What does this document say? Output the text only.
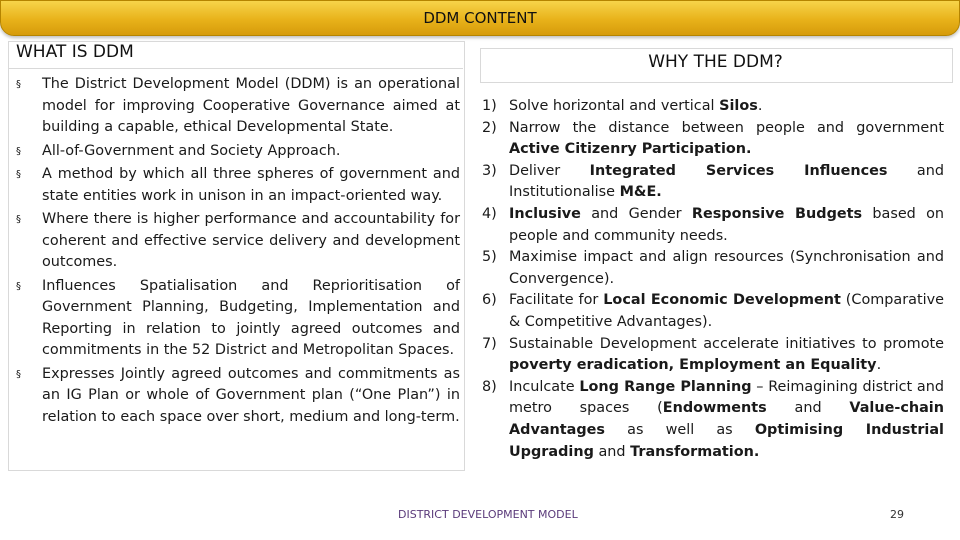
DDM CONTENT
WHAT IS DDM
§ The District Development Model (DDM) is an operational model for improving Cooperative Governance aimed at building a capable, ethical Developmental State.
§ All-of-Government and Society Approach.
§ A method by which all three spheres of government and state entities work in unison in an impact-oriented way.
§ Where there is higher performance and accountability for coherent and effective service delivery and development outcomes.
§ Influences Spatialisation and Reprioritisation of Government Planning, Budgeting, Implementation and Reporting in relation to jointly agreed outcomes and commitments in the 52 District and Metropolitan Spaces.
§ Expresses Jointly agreed outcomes and commitments as an IG Plan or whole of Government plan (“One Plan”) in relation to each space over short, medium and long-term.
WHY THE DDM?
1) Solve horizontal and vertical Silos.
2) Narrow the distance between people and government Active Citizenry Participation.
3) Deliver Integrated Services Influences and Institutionalise M&E.
4) Inclusive and Gender Responsive Budgets based on people and community needs.
5) Maximise impact and align resources (Synchronisation and Convergence).
6) Facilitate for Local Economic Development (Comparative & Competitive Advantages).
7) Sustainable Development accelerate initiatives to promote poverty eradication, Employment an Equality.
8) Inculcate Long Range Planning – Reimagining district and metro spaces (Endowments and Value-chain Advantages as well as Optimising Industrial Upgrading and Transformation.
DISTRICT DEVELOPMENT MODEL	29
